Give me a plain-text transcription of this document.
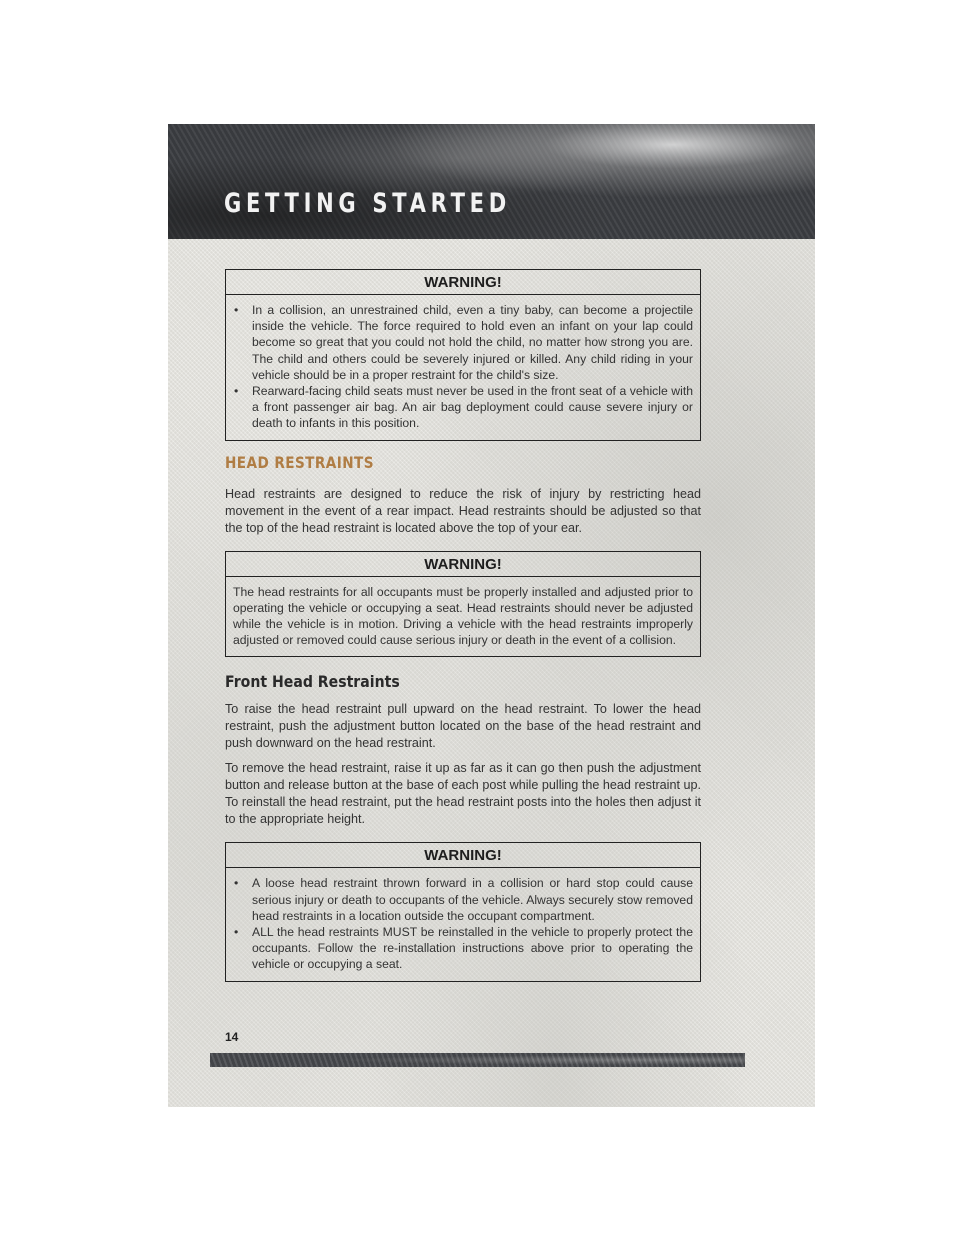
GETTING STARTED
WARNING!
• In a collision, an unrestrained child, even a tiny baby, can become a projectile inside the vehicle. The force required to hold even an infant on your lap could become so great that you could not hold the child, no matter how strong you are. The child and others could be severely injured or killed. Any child riding in your vehicle should be in a proper restraint for the child's size.
• Rearward-facing child seats must never be used in the front seat of a vehicle with a front passenger air bag. An air bag deployment could cause severe injury or death to infants in this position.
HEAD RESTRAINTS

Head restraints are designed to reduce the risk of injury by restricting head movement in the event of a rear impact. Head restraints should be adjusted so that the top of the head restraint is located above the top of your ear.

WARNING!
The head restraints for all occupants must be properly installed and adjusted prior to operating the vehicle or occupying a seat. Head restraints should never be adjusted while the vehicle is in motion. Driving a vehicle with the head restraints improperly adjusted or removed could cause serious injury or death in the event of a collision.
Front Head Restraints

To raise the head restraint pull upward on the head restraint. To lower the head restraint, push the adjustment button located on the base of the head restraint and push downward on the head restraint.

To remove the head restraint, raise it up as far as it can go then push the adjustment button and release button at the base of each post while pulling the head restraint up. To reinstall the head restraint, put the head restraint posts into the holes then adjust it to the appropriate height.

WARNING!
• A loose head restraint thrown forward in a collision or hard stop could cause serious injury or death to occupants of the vehicle. Always securely stow removed head restraints in a location outside the occupant compartment.
• ALL the head restraints MUST be reinstalled in the vehicle to properly protect the occupants. Follow the re-installation instructions above prior to operating the vehicle or occupying a seat.
14
